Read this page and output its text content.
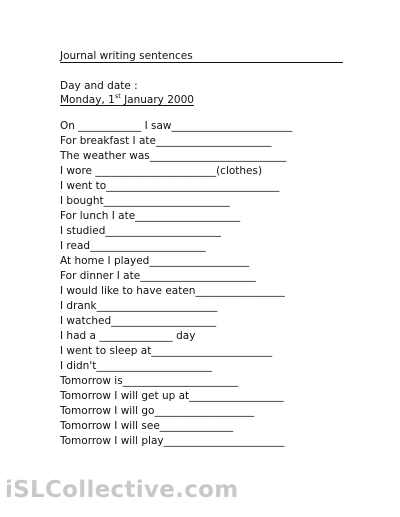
Journal writing sentences
Day and date :
Monday, 1st January 2000
On ____________ I saw_______________________
For breakfast I ate______________________
The weather was__________________________
I wore _______________________(clothes)
I went to_________________________________
I bought________________________
For lunch I ate____________________
I studied______________________
I read______________________
At home I played___________________
For dinner I ate______________________
I would like to have eaten_________________
I drank_______________________
I watched____________________
I had a ______________ day
I went to sleep at_______________________
I didn't______________________
Tomorrow is______________________
Tomorrow I will get up at__________________
Tomorrow I will go___________________
Tomorrow I will see______________
Tomorrow I will play_______________________
iSLCollective.com
